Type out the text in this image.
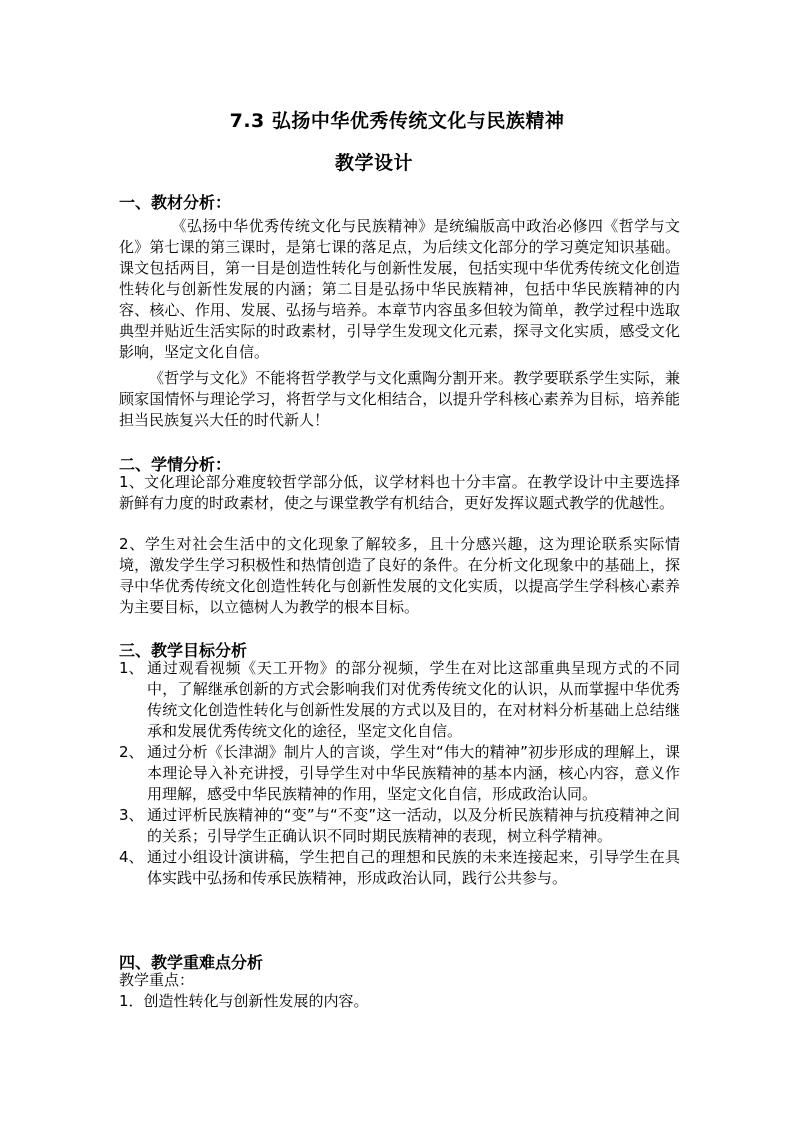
7.3 弘扬中华优秀传统文化与民族精神
教学设计
一、教材分析：

《弘扬中华优秀传统文化与民族精神》是统编版高中政治必修四《哲学与文化》第七课的第三课时，是第七课的落足点，为后续文化部分的学习奠定知识基础。课文包括两目，第一目是创造性转化与创新性发展，包括实现中华优秀传统文化创造性转化与创新性发展的内涵；第二目是弘扬中华民族精神，包括中华民族精神的内容、核心、作用、发展、弘扬与培养。本章节内容虽多但较为简单，教学过程中选取典型并贴近生活实际的时政素材，引导学生发现文化元素，探寻文化实质，感受文化影响，坚定文化自信。

《哲学与文化》不能将哲学教学与文化熏陶分割开来。教学要联系学生实际，兼顾家国情怀与理论学习，将哲学与文化相结合，以提升学科核心素养为目标，培养能担当民族复兴大任的时代新人！

二、学情分析：

1、文化理论部分难度较哲学部分低，议学材料也十分丰富。在教学设计中主要选择新鲜有力度的时政素材，使之与课堂教学有机结合，更好发挥议题式教学的优越性。

2、学生对社会生活中的文化现象了解较多，且十分感兴趣，这为理论联系实际情境，激发学生学习积极性和热情创造了良好的条件。在分析文化现象中的基础上，探寻中华优秀传统文化创造性转化与创新性发展的文化实质，以提高学生学科核心素养为主要目标，以立德树人为教学的根本目标。

三、教学目标分析
1、 通过观看视频《天工开物》的部分视频，学生在对比这部重典呈现方式的不同中，了解继承创新的方式会影响我们对优秀传统文化的认识，从而掌握中华优秀传统文化创造性转化与创新性发展的方式以及目的，在对材料分析基础上总结继承和发展优秀传统文化的途径，坚定文化自信。
2、 通过分析《长津湖》制片人的言谈，学生对“伟大的精神”初步形成的理解上，课本理论导入补充讲授，引导学生对中华民族精神的基本内涵，核心内容，意义作用理解，感受中华民族精神的作用，坚定文化自信，形成政治认同。
3、 通过评析民族精神的“变”与“不变”这一活动，以及分析民族精神与抗疫精神之间的关系；引导学生正确认识不同时期民族精神的表现，树立科学精神。
4、 通过小组设计演讲稿，学生把自己的理想和民族的未来连接起来，引导学生在具体实践中弘扬和传承民族精神，形成政治认同，践行公共参与。
四、教学重难点分析
教学重点：
1．创造性转化与创新性发展的内容。
